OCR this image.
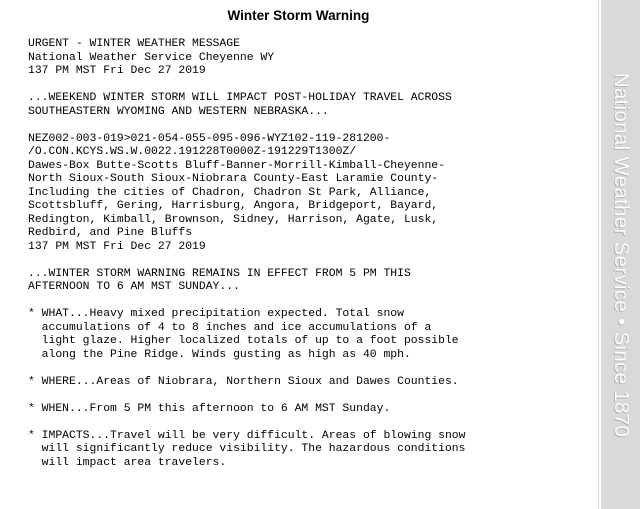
Winter Storm Warning
URGENT - WINTER WEATHER MESSAGE
National Weather Service Cheyenne WY
137 PM MST Fri Dec 27 2019

...WEEKEND WINTER STORM WILL IMPACT POST-HOLIDAY TRAVEL ACROSS
SOUTHEASTERN WYOMING AND WESTERN NEBRASKA...

NEZ002-003-019>021-054-055-095-096-WYZ102-119-281200-
/O.CON.KCYS.WS.W.0022.191228T0000Z-191229T1300Z/
Dawes-Box Butte-Scotts Bluff-Banner-Morrill-Kimball-Cheyenne-
North Sioux-South Sioux-Niobrara County-East Laramie County-
Including the cities of Chadron, Chadron St Park, Alliance,
Scottsbluff, Gering, Harrisburg, Angora, Bridgeport, Bayard,
Redington, Kimball, Brownson, Sidney, Harrison, Agate, Lusk,
Redbird, and Pine Bluffs
137 PM MST Fri Dec 27 2019

...WINTER STORM WARNING REMAINS IN EFFECT FROM 5 PM THIS
AFTERNOON TO 6 AM MST SUNDAY...

* WHAT...Heavy mixed precipitation expected. Total snow
accumulations of 4 to 8 inches and ice accumulations of a
light glaze. Higher localized totals of up to a foot possible
along the Pine Ridge. Winds gusting as high as 40 mph.

* WHERE...Areas of Niobrara, Northern Sioux and Dawes Counties.

* WHEN...From 5 PM this afternoon to 6 AM MST Sunday.

* IMPACTS...Travel will be very difficult. Areas of blowing snow
will significantly reduce visibility. The hazardous conditions
will impact area travelers.
National Weather Service • Since 1870
